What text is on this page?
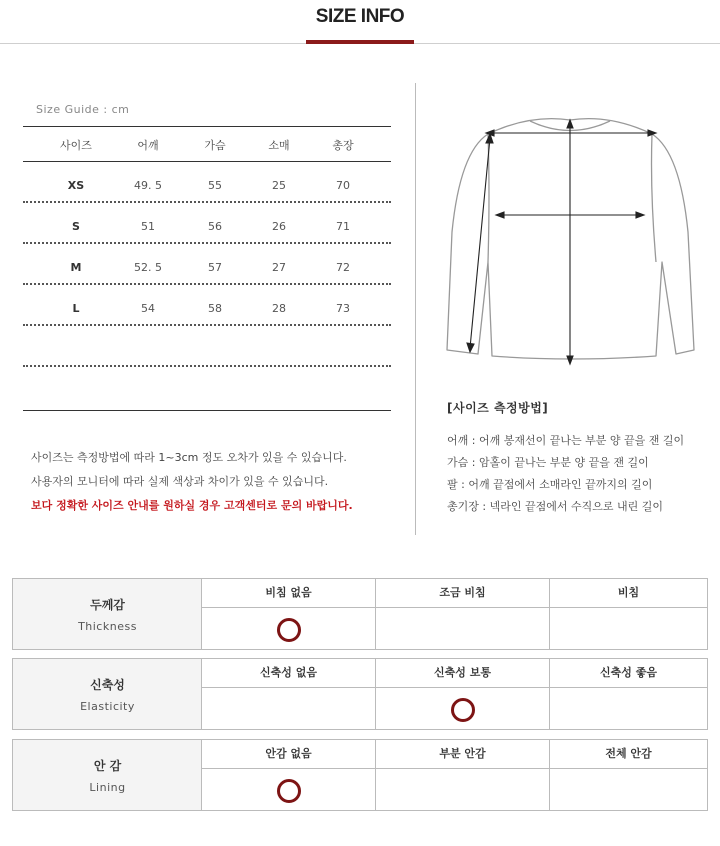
SIZE INFO
Size Guide : cm
사이즈	어깨	가슴	소매	총장
XS	49. 5	55	25	70
S	51	56	26	71
M	52. 5	57	27	72
L	54	58	28	73
사이즈는 측정방법에 따라 1~3cm 정도 오차가 있을 수 있습니다.
사용자의 모니터에 따라 실제 색상과 차이가 있을 수 있습니다.
보다 정확한 사이즈 안내를 원하실 경우 고객센터로 문의 바랍니다.
[사이즈 측정방법]
어깨 : 어깨 봉재선이 끝나는 부분 양 끝을 잰 길이
가슴 : 암홀이 끝나는 부분 양 끝을 잰 길이
팔 : 어깨 끝점에서 소매라인 끝까지의 길이
총기장 : 넥라인 끝점에서 수직으로 내린 길이
두께감
Thickness
비침 없음	조금 비침	비침
신축성
Elasticity
신축성 없음	신축성 보통	신축성 좋음
안 감
Lining
안감 없음	부분 안감	전체 안감
